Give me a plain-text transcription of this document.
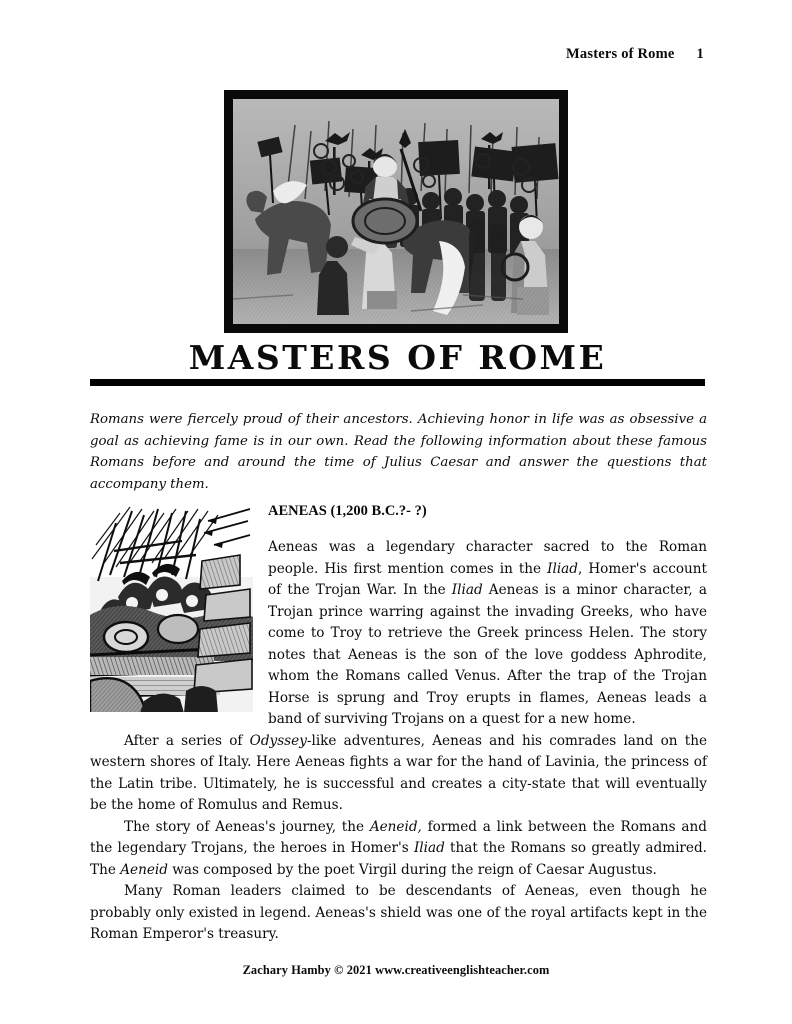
Masters of Rome 1
MASTERS OF ROME
Romans were fiercely proud of their ancestors. Achieving honor in life was as obsessive a goal as achieving fame is in our own. Read the following information about these famous Romans before and around the time of Julius Caesar and answer the questions that accompany them.
AENEAS (1,200 B.C.?- ?)

Aeneas was a legendary character sacred to the Roman people. His first mention comes in the Iliad, Homer's account of the Trojan War. In the Iliad Aeneas is a minor character, a Trojan prince warring against the invading Greeks, who have come to Troy to retrieve the Greek princess Helen. The story notes that Aeneas is the son of the love goddess Aphrodite, whom the Romans called Venus. After the trap of the Trojan Horse is sprung and Troy erupts in flames, Aeneas leads a band of surviving Trojans on a quest for a new home.

After a series of Odyssey-like adventures, Aeneas and his comrades land on the western shores of Italy. Here Aeneas fights a war for the hand of Lavinia, the princess of the Latin tribe. Ultimately, he is successful and creates a city-state that will eventually be the home of Romulus and Remus.

The story of Aeneas's journey, the Aeneid, formed a link between the Romans and the legendary Trojans, the heroes in Homer's Iliad that the Romans so greatly admired. The Aeneid was composed by the poet Virgil during the reign of Caesar Augustus.

Many Roman leaders claimed to be descendants of Aeneas, even though he probably only existed in legend. Aeneas's shield was one of the royal artifacts kept in the Roman Emperor's treasury.

Zachary Hamby © 2021 www.creativeenglishteacher.com
